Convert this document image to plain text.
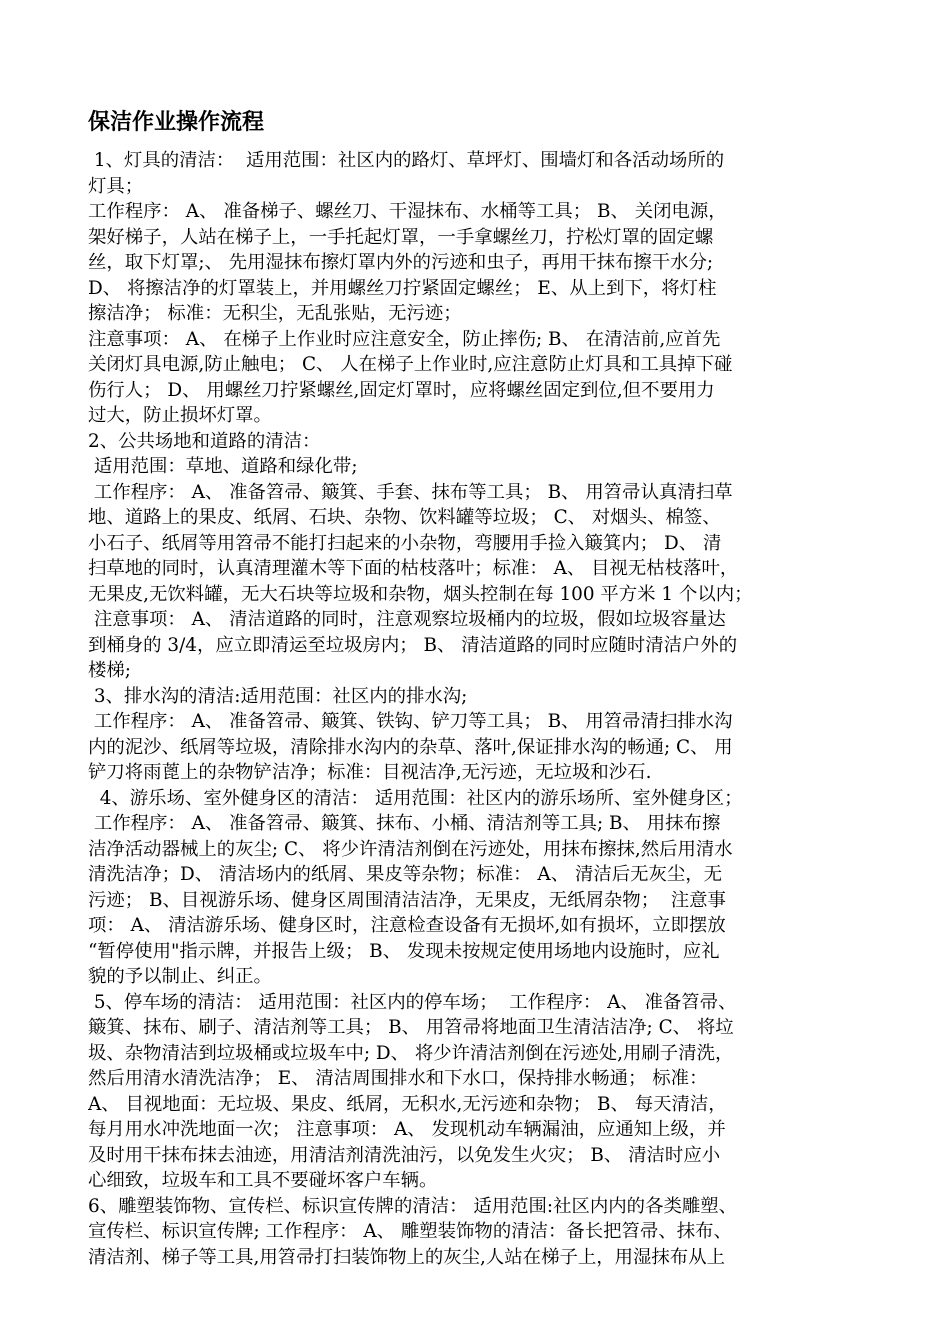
保洁作业操作流程
1、灯具的清洁：  适用范围：社区内的路灯、草坪灯、围墙灯和各活动场所的
灯具；
工作程序： A、 准备梯子、螺丝刀、干湿抹布、水桶等工具； B、 关闭电源，
架好梯子，人站在梯子上，一手托起灯罩，一手拿螺丝刀，拧松灯罩的固定螺
丝，取下灯罩;、 先用湿抹布擦灯罩内外的污迹和虫子，再用干抹布擦干水分;
D、 将擦洁净的灯罩装上，并用螺丝刀拧紧固定螺丝； E、从上到下，将灯柱
擦洁净； 标准：无积尘，无乱张贴，无污迹；
注意事项： A、 在梯子上作业时应注意安全，防止摔伤; B、 在清洁前,应首先
关闭灯具电源,防止触电； C、 人在梯子上作业时,应注意防止灯具和工具掉下碰
伤行人； D、 用螺丝刀拧紧螺丝,固定灯罩时，应将螺丝固定到位,但不要用力
过大，防止损坏灯罩。
2、公共场地和道路的清洁：
适用范围：草地、道路和绿化带;
工作程序： A、 准备笤帚、簸箕、手套、抹布等工具； B、 用笤帚认真清扫草
地、道路上的果皮、纸屑、石块、杂物、饮料罐等垃圾； C、 对烟头、棉签、
小石子、纸屑等用笤帚不能打扫起来的小杂物，弯腰用手捡入簸箕内； D、 清
扫草地的同时，认真清理灌木等下面的枯枝落叶；标准： A、 目视无枯枝落叶，
无果皮,无饮料罐，无大石块等垃圾和杂物，烟头控制在每 100 平方米 1 个以内；
注意事项： A、 清洁道路的同时，注意观察垃圾桶内的垃圾，假如垃圾容量达
到桶身的 3/4，应立即清运至垃圾房内； B、 清洁道路的同时应随时清洁户外的
楼梯;
3、排水沟的清洁:适用范围：社区内的排水沟;
工作程序： A、 准备笤帚、簸箕、铁钩、铲刀等工具； B、 用笤帚清扫排水沟
内的泥沙、纸屑等垃圾，清除排水沟内的杂草、落叶,保证排水沟的畅通; C、 用
铲刀将雨蓖上的杂物铲洁净；标准：目视洁净,无污迹，无垃圾和沙石.
4、游乐场、室外健身区的清洁： 适用范围：社区内的游乐场所、室外健身区；
工作程序： A、 准备笤帚、簸箕、抹布、小桶、清洁剂等工具; B、 用抹布擦
洁净活动器械上的灰尘; C、 将少许清洁剂倒在污迹处，用抹布擦抹,然后用清水
清洗洁净；D、 清洁场内的纸屑、果皮等杂物；标准： A、 清洁后无灰尘，无
污迹； B、目视游乐场、健身区周围清洁洁净，无果皮，无纸屑杂物；  注意事
项： A、 清洁游乐场、健身区时，注意检查设备有无损坏,如有损坏，立即摆放
“暂停使用"指示牌，并报告上级； B、 发现未按规定使用场地内设施时，应礼
貌的予以制止、纠正。
5、停车场的清洁： 适用范围：社区内的停车场；  工作程序： A、 准备笤帚、
簸箕、抹布、刷子、清洁剂等工具； B、 用笤帚将地面卫生清洁洁净; C、 将垃
圾、杂物清洁到垃圾桶或垃圾车中; D、 将少许清洁剂倒在污迹处,用刷子清洗，
然后用清水清洗洁净； E、 清洁周围排水和下水口，保持排水畅通； 标准：
A、 目视地面：无垃圾、果皮、纸屑，无积水,无污迹和杂物； B、 每天清洁，
每月用水冲洗地面一次； 注意事项： A、 发现机动车辆漏油，应通知上级，并
及时用干抹布抹去油迹，用清洁剂清洗油污，以免发生火灾； B、 清洁时应小
心细致，垃圾车和工具不要碰坏客户车辆。
6、雕塑装饰物、宣传栏、标识宣传牌的清洁： 适用范围:社区内内的各类雕塑、
宣传栏、标识宣传牌; 工作程序： A、 雕塑装饰物的清洁：备长把笤帚、抹布、
清洁剂、梯子等工具,用笤帚打扫装饰物上的灰尘,人站在梯子上，用湿抹布从上
